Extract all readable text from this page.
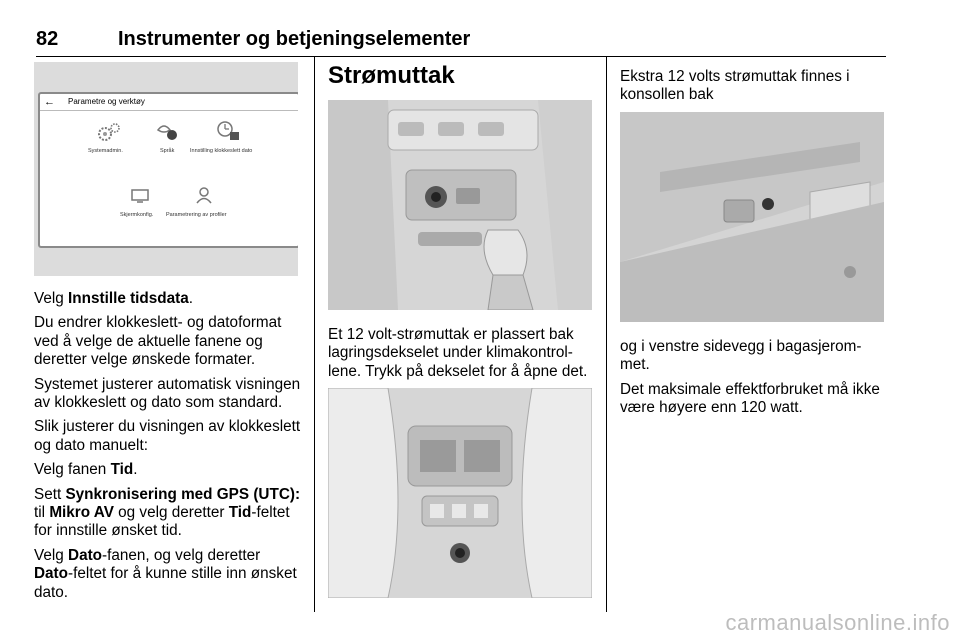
82	Instrumenter og betjeningselementer
← Parametre og verktøy
Systemadmin.	Språk	Innstilling klokkeslett dato
Skjermkonfig. Parametrering av profiler

Velg Innstille tidsdata.

Du endrer klokkeslett- og datoformat ved å velge de aktuelle fanene og deretter velge ønskede formater.

Systemet justerer automatisk visningen av klokkeslett og dato som standard.

Slik justerer du visningen av klokkeslett og dato manuelt:

Velg fanen Tid.

Sett Synkronisering med GPS (UTC): til Mikro AV og velg deretter Tid-feltet for innstille ønsket tid.

Velg Dato-fanen, og velg deretter Dato-feltet for å kunne stille inn ønsket dato.

Strømuttak

Et 12 volt-strømuttak er plassert bak lagringsdekselet under klimakontrollene. Trykk på dekselet for å åpne det.

Ekstra 12 volts strømuttak finnes i konsollen bak

og i venstre sidevegg i bagasjerommet.

Det maksimale effektforbruket må ikke være høyere enn 120 watt.

carmanualsonline.info
